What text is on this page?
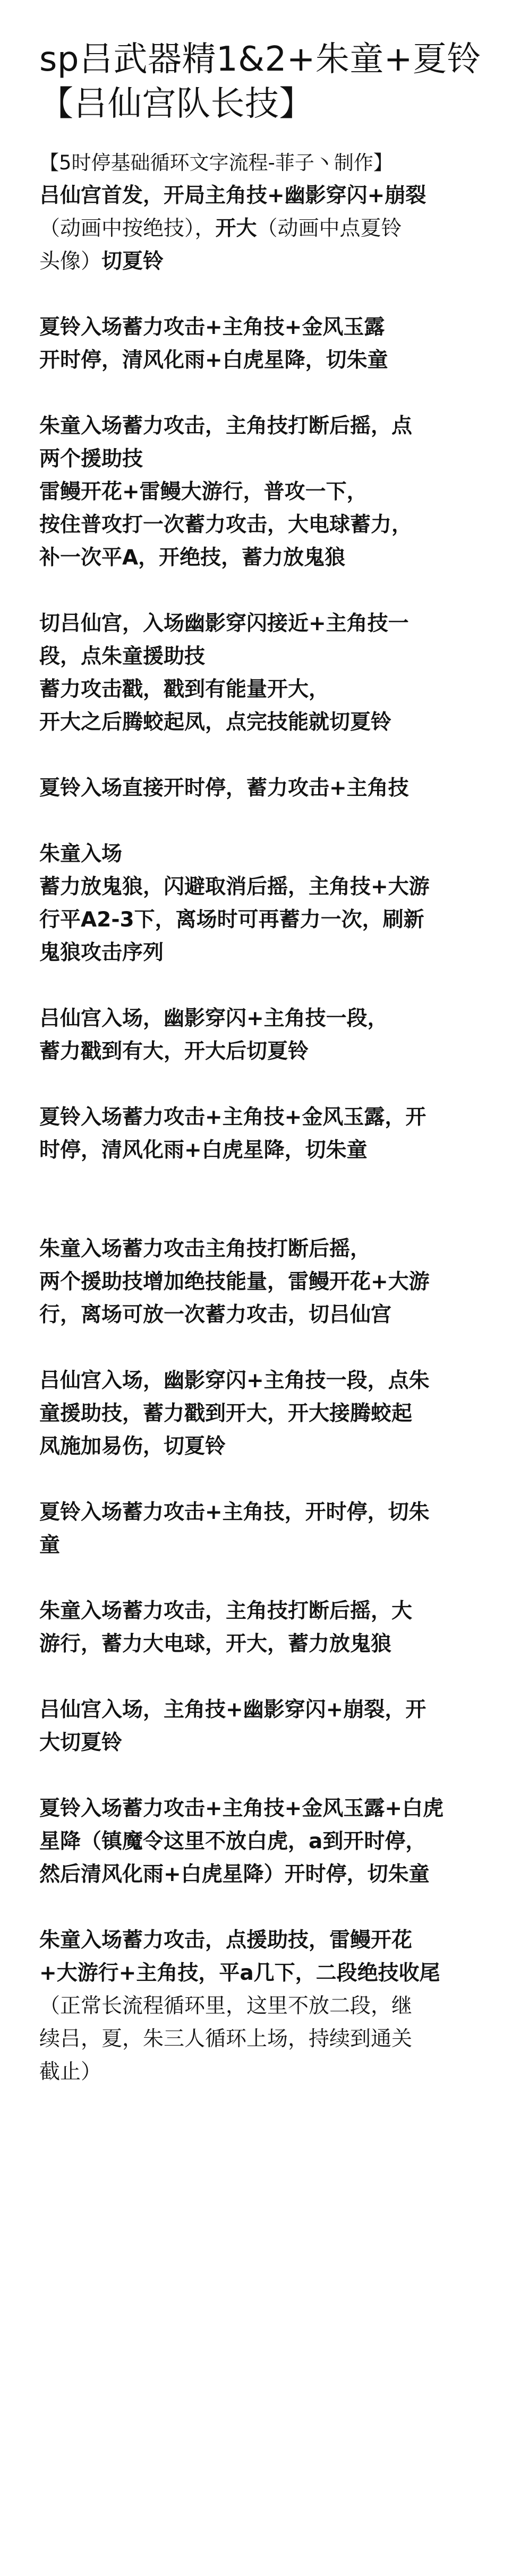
sp吕武器精1&2+朱童+夏铃【吕仙宫队长技】
【5时停基础循环文字流程-菲子丶制作】
吕仙宫首发，开局主角技+幽影穿闪+崩裂
（动画中按绝技），开大（动画中点夏铃
头像）切夏铃
夏铃入场蓄力攻击+主角技+金风玉露
开时停，清风化雨+白虎星降，切朱童
朱童入场蓄力攻击，主角技打断后摇，点
两个援助技
雷鳗开花+雷鳗大游行，普攻一下，
按住普攻打一次蓄力攻击，大电球蓄力，
补一次平A，开绝技，蓄力放鬼狼
切吕仙宫，入场幽影穿闪接近+主角技一
段，点朱童援助技
蓄力攻击戳，戳到有能量开大，
开大之后腾蛟起凤，点完技能就切夏铃
夏铃入场直接开时停，蓄力攻击+主角技
朱童入场
蓄力放鬼狼，闪避取消后摇，主角技+大游
行平A2-3下，离场时可再蓄力一次，刷新
鬼狼攻击序列
吕仙宫入场，幽影穿闪+主角技一段，
蓄力戳到有大，开大后切夏铃
夏铃入场蓄力攻击+主角技+金风玉露，开
时停，清风化雨+白虎星降，切朱童
朱童入场蓄力攻击主角技打断后摇，
两个援助技增加绝技能量，雷鳗开花+大游
行，离场可放一次蓄力攻击，切吕仙宫
吕仙宫入场，幽影穿闪+主角技一段，点朱
童援助技，蓄力戳到开大，开大接腾蛟起
凤施加易伤，切夏铃
夏铃入场蓄力攻击+主角技，开时停，切朱
童
朱童入场蓄力攻击，主角技打断后摇，大
游行，蓄力大电球，开大，蓄力放鬼狼
吕仙宫入场，主角技+幽影穿闪+崩裂，开
大切夏铃
夏铃入场蓄力攻击+主角技+金风玉露+白虎
星降（镇魔令这里不放白虎，a到开时停，
然后清风化雨+白虎星降）开时停，切朱童
朱童入场蓄力攻击，点援助技，雷鳗开花
+大游行+主角技，平a几下，二段绝技收尾
（正常长流程循环里，这里不放二段，继
续吕，夏，朱三人循环上场，持续到通关
截止）
